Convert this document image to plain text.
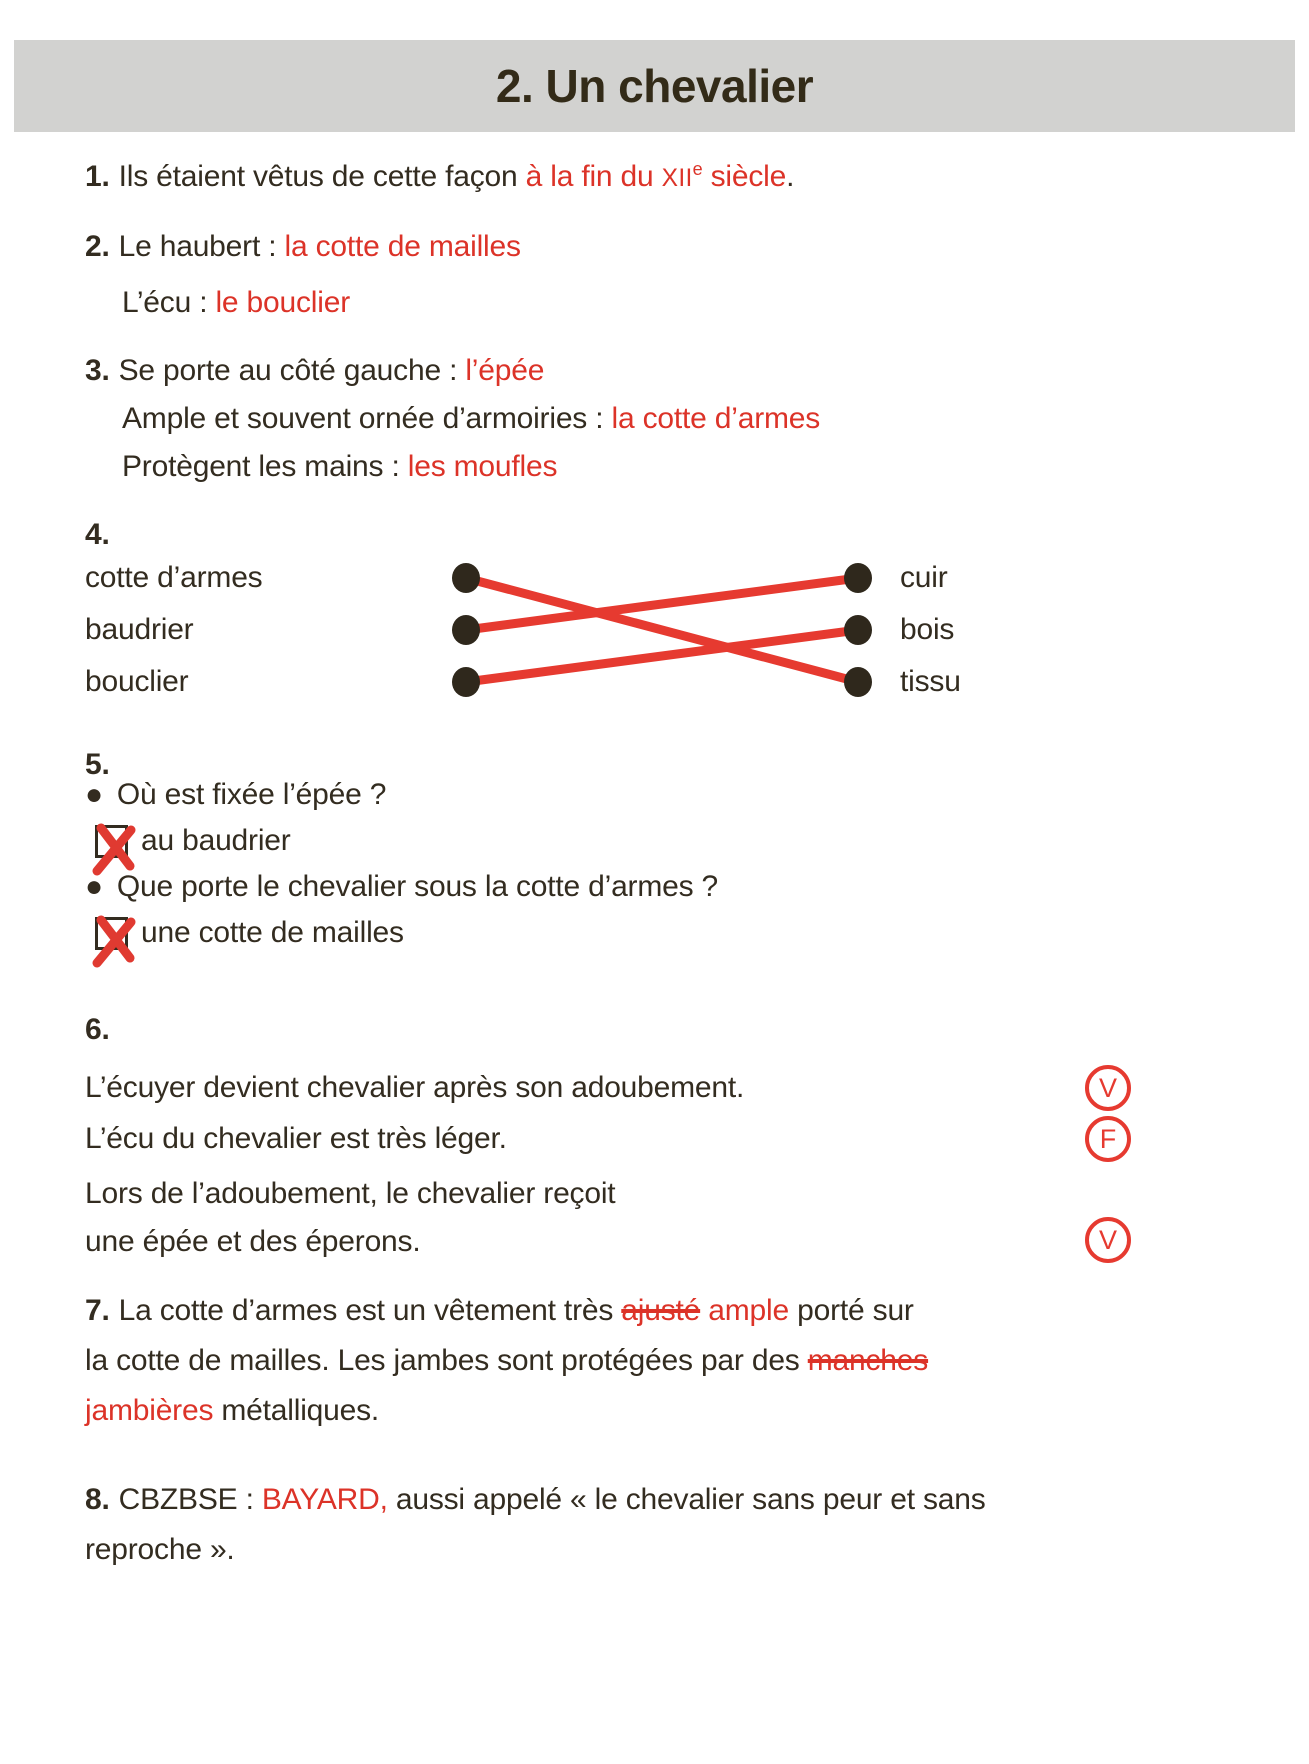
2. Un chevalier
1. Ils étaient vêtus de cette façon à la fin du XIIe siècle.
2. Le haubert : la cotte de mailles
L’écu : le bouclier
3. Se porte au côté gauche : l’épée
Ample et souvent ornée d’armoiries : la cotte d’armes
Protègent les mains : les moufles
4.
cotte d’armes
baudrier
bouclier
cuir
bois
tissu
5.
● Où est fixée l’épée ?
au baudrier
● Que porte le chevalier sous la cotte d’armes ?
une cotte de mailles
6.
L’écuyer devient chevalier après son adoubement.	V
L’écu du chevalier est très léger.	F
Lors de l’adoubement, le chevalier reçoit
une épée et des éperons.	V
7. La cotte d’armes est un vêtement très ajusté ample porté sur
la cotte de mailles. Les jambes sont protégées par des manches
jambières métalliques.
8. CBZBSE : BAYARD, aussi appelé « le chevalier sans peur et sans
reproche ».
